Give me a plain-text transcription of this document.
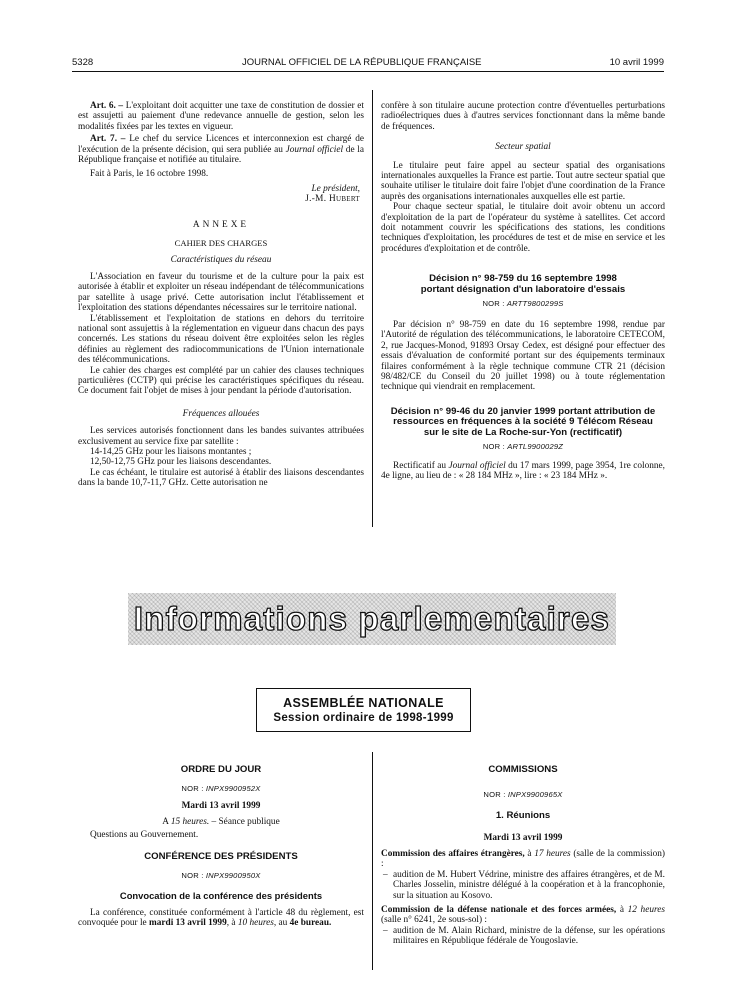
5328	JOURNAL OFFICIEL DE LA RÉPUBLIQUE FRANÇAISE	10 avril 1999

Art. 6. – L'exploitant doit acquitter une taxe de constitution de dossier et est assujetti au paiement d'une redevance annuelle de gestion, selon les modalités fixées par les textes en vigueur.

Art. 7. – Le chef du service Licences et interconnexion est chargé de l'exécution de la présente décision, qui sera publiée au Journal officiel de la République française et notifiée au titulaire.

Fait à Paris, le 16 octobre 1998.

Le président,

J.-M. Hubert

ANNEXE

CAHIER DES CHARGES

Caractéristiques du réseau

L'Association en faveur du tourisme et de la culture pour la paix est autorisée à établir et exploiter un réseau indépendant de télécommunications par satellite à usage privé. Cette autorisation inclut l'établissement et l'exploitation des stations dépendantes nécessaires sur le territoire national.

L'établissement et l'exploitation de stations en dehors du territoire national sont assujettis à la réglementation en vigueur dans chacun des pays concernés. Les stations du réseau doivent être exploitées selon les règles définies au règlement des radiocommunications de l'Union internationale des télécommunications.

Le cahier des charges est complété par un cahier des clauses techniques particulières (CCTP) qui précise les caractéristiques spécifiques du réseau. Ce document fait l'objet de mises à jour pendant la période d'autorisation.

Fréquences allouées

Les services autorisés fonctionnent dans les bandes suivantes attribuées exclusivement au service fixe par satellite :

14-14,25 GHz pour les liaisons montantes ;

12,50-12,75 GHz pour les liaisons descendantes.

Le cas échéant, le titulaire est autorisé à établir des liaisons descendantes dans la bande 10,7-11,7 GHz. Cette autorisation ne

confère à son titulaire aucune protection contre d'éventuelles perturbations radioélectriques dues à d'autres services fonctionnant dans la même bande de fréquences.

Secteur spatial

Le titulaire peut faire appel au secteur spatial des organisations internationales auxquelles la France est partie. Tout autre secteur spatial que souhaite utiliser le titulaire doit faire l'objet d'une coordination de la France auprès des organisations internationales auxquelles elle est partie.

Pour chaque secteur spatial, le titulaire doit avoir obtenu un accord d'exploitation de la part de l'opérateur du système à satellites. Cet accord doit notamment couvrir les spécifications des stations, les conditions techniques d'exploitation, les procédures de test et de mise en service et les procédures d'exploitation et de contrôle.

Décision n° 98-759 du 16 septembre 1998
portant désignation d'un laboratoire d'essais
NOR : ARTT9800299S

Par décision n° 98-759 en date du 16 septembre 1998, rendue par l'Autorité de régulation des télécommunications, le laboratoire CETECOM, 2, rue Jacques-Monod, 91893 Orsay Cedex, est désigné pour effectuer des essais d'évaluation de conformité portant sur des équipements terminaux filaires conformément à la règle technique commune CTR 21 (décision 98/482/CE du Conseil du 20 juillet 1998) ou à toute réglementation technique qui viendrait en remplacement.

Décision n° 99-46 du 20 janvier 1999 portant attribution de
ressources en fréquences à la société 9 Télécom Réseau
sur le site de La Roche-sur-Yon (rectificatif)
NOR : ARTL9900029Z

Rectificatif au Journal officiel du 17 mars 1999, page 3954, 1re colonne, 4e ligne, au lieu de : « 28 184 MHz », lire : « 23 184 MHz ».

Informations parlementaires
ASSEMBLÉE NATIONALE
Session ordinaire de 1998-1999
ORDRE DU JOUR
NOR : INPX9900952X

Mardi 13 avril 1999

A 15 heures. – Séance publique

Questions au Gouvernement.

CONFÉRENCE DES PRÉSIDENTS
NOR : INPX9900950X
Convocation de la conférence des présidents

La conférence, constituée conformément à l'article 48 du règlement, est convoquée pour le mardi 13 avril 1999, à 10 heures, au 4e bureau.

COMMISSIONS
NOR : INPX9900965X
1. Réunions

Mardi 13 avril 1999

Commission des affaires étrangères, à 17 heures (salle de la commission) :

– audition de M. Hubert Védrine, ministre des affaires étrangères, et de M. Charles Josselin, ministre délégué à la coopération et à la francophonie, sur la situation au Kosovo.

Commission de la défense nationale et des forces armées, à 12 heures (salle n° 6241, 2e sous-sol) :

– audition de M. Alain Richard, ministre de la défense, sur les opérations militaires en République fédérale de Yougoslavie.
